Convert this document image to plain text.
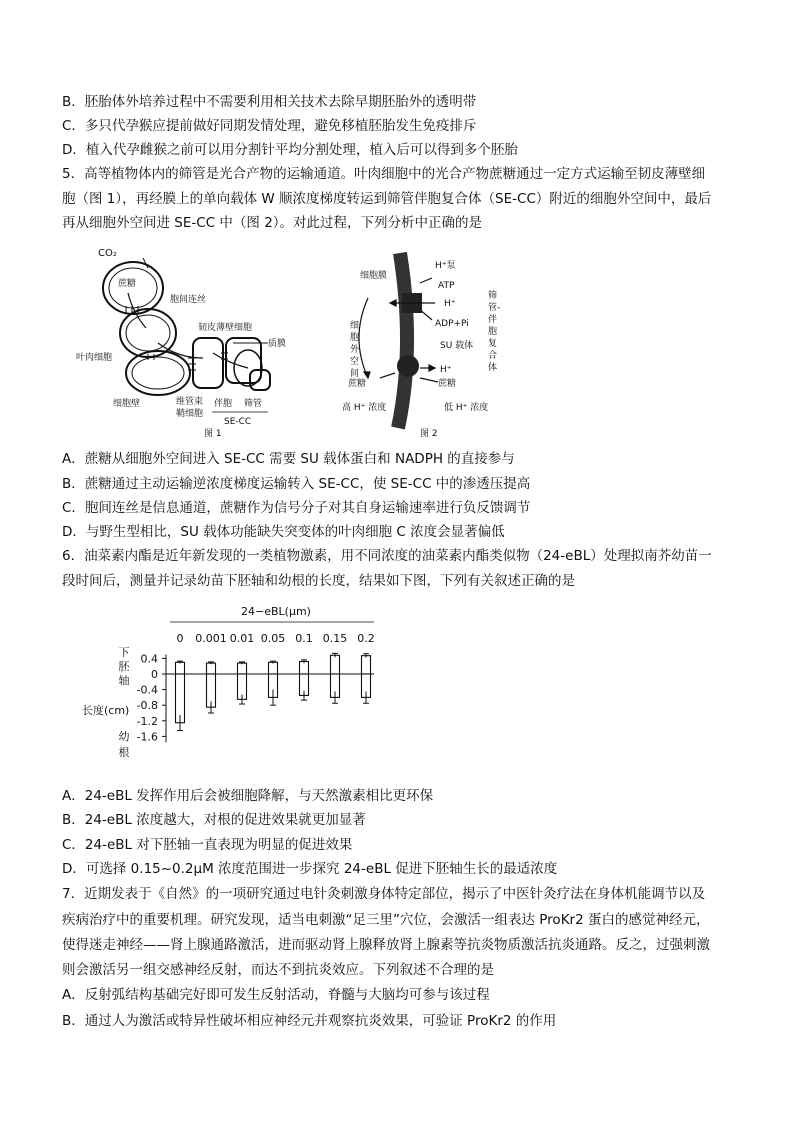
B．胚胎体外培养过程中不需要利用相关技术去除早期胚胎外的透明带
C．多只代孕猴应提前做好同期发情处理，避免移植胚胎发生免疫排斥
D．植入代孕雌猴之前可以用分割针平均分割处理，植入后可以得到多个胚胎
5．高等植物体内的筛管是光合产物的运输通道。叶肉细胞中的光合产物蔗糖通过一定方式运输至韧皮薄壁细
胞（图 1），再经膜上的单向载体 W 顺浓度梯度转运到筛管伴胞复合体（SE-CC）附近的细胞外空间中，最后
再从细胞外空间进 SE-CC 中（图 2）。对此过程，下列分析中正确的是
CO₂
蔗糖
胞间连丝
韧皮薄壁细胞
质膜
叶肉细胞
细胞壁	维管束
鞘细胞
伴胞 筛管
SE-CC
图 1
细胞膜
H⁺泵
ATP
H⁺
ADP+Pi
SU 载体
H⁺
蔗糖	蔗糖
高 H⁺ 浓度	低 H⁺ 浓度
图 2
细胞外空间
筛管-伴胞复合体
A．蔗糖从细胞外空间进入 SE-CC 需要 SU 载体蛋白和 NADPH 的直接参与
B．蔗糖通过主动运输逆浓度梯度运输转入 SE-CC，使 SE-CC 中的渗透压提高
C．胞间连丝是信息通道，蔗糖作为信号分子对其自身运输速率进行负反馈调节
D．与野生型相比，SU 载体功能缺失突变体的叶肉细胞 C 浓度会显著偏低
6．油菜素内酯是近年新发现的一类植物激素，用不同浓度的油菜素内酯类似物（24-eBL）处理拟南芥幼苗一
段时间后，测量并记录幼苗下胚轴和幼根的长度，结果如下图，下列有关叙述正确的是
24−eBL(μm)
长度(cm)
0 0.001 0.01 0.05 0.1 0.15 0.2
0.4
0
-0.4
-0.8
-1.2
-1.6
下
胚
轴
幼
根
A．24-eBL 发挥作用后会被细胞降解，与天然激素相比更环保
B．24-eBL 浓度越大，对根的促进效果就更加显著
C．24-eBL 对下胚轴一直表现为明显的促进效果
D．可选择 0.15~0.2μM 浓度范围进一步探究 24-eBL 促进下胚轴生长的最适浓度
7．近期发表于《自然》的一项研究通过电针灸刺激身体特定部位，揭示了中医针灸疗法在身体机能调节以及
疾病治疗中的重要机理。研究发现，适当电刺激“足三里”穴位，会激活一组表达 ProKr2 蛋白的感觉神经元，
使得迷走神经——肾上腺通路激活，进而驱动肾上腺释放肾上腺素等抗炎物质激活抗炎通路。反之，过强刺激
则会激活另一组交感神经反射，而达不到抗炎效应。下列叙述不合理的是
A．反射弧结构基础完好即可发生反射活动，脊髓与大脑均可参与该过程
B．通过人为激活或特异性破坏相应神经元并观察抗炎效果，可验证 ProKr2 的作用
